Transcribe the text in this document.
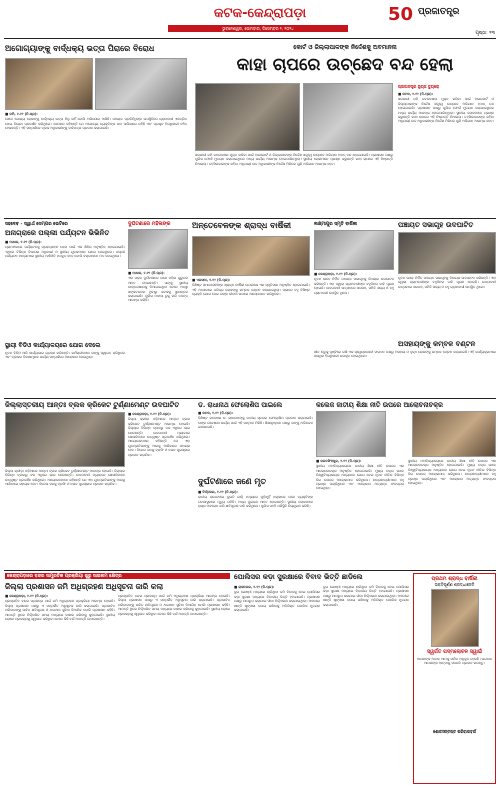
କଟକ-କେନ୍ଦ୍ରାପଡ଼ା
ଭୁବନେଶ୍ୱର, ସୋମବାର, ଡିସେମ୍ବର ୨, ୨୦୨୪
50 ପ୍ରଜାତନ୍ତ୍ର
ପୃଷ୍ଠା: ୧୩
ଅଗୋଗ୍ୟାଙ୍କୁ ବାର୍ଦ୍ଧକ୍ୟ ଭତ୍ତା ପିରାରେ ବିରୋଧ

■ ଡମି, ୧.୧୨ (ନି.ପ୍ର):

ସେତେ ଯୋଗ୍ୟ ଲୋକଙ୍କୁ ବାର୍ଦ୍ଧକ୍ୟ ଭତ୍ତା ମିଳୁ ନାହିଁ ବୋଲି ଅଭିଯୋଗ ଆସିଛି। ପଞ୍ଚାୟତ ପ୍ରତିନିଧିଙ୍କ ଉପସ୍ଥିତିରେ ଗ୍ରାମବାସୀ ଏକତ୍ରିତ ହୋଇ ବିରୋଧ ପ୍ରଦର୍ଶନ କରିଥିଲେ। ସେମାନେ କହିଛନ୍ତି ଯେ ଅଯୋଗ୍ୟ ବ୍ୟକ୍ତିଙ୍କ ନାମ ତାଲିକାରେ ରହିଛି ଏବଂ ପ୍ରକୃତ ହିତାଧିକାରୀ ବଞ୍ଚିତ ହେଉଛନ୍ତି। ଏହି ସମ୍ପର୍କରେ ବ୍ଲକ ଅଧିକାରୀଙ୍କୁ ଦାବିପତ୍ର ପ୍ରଦାନ କରାଯାଇଛି।

କୋର୍ଟ ଓ ଜିଲ୍ଲାପାଳଙ୍କ ନିର୍ଦ୍ଦେଶକୁ ଅବମାନନା
କାହା ଚାପରେ ଉଚ୍ଛେଦ ବନ୍ଦ ହେଲା
ପ୍ରଜାତନ୍ତ୍ର ନ୍ୟୁଜ ବ୍ୟୁରୋ

■ କଟକ, ୧.୧୨ (ନି.ପ୍ର):

ସରକାରୀ ଜମି ଜବରଦଖଲ ମୁକ୍ତ କରିବା ପାଇଁ ହାଇକୋର୍ଟ ଓ ଜିଲ୍ଲାପାଳଙ୍କ ନିର୍ଦ୍ଦେଶ ସତ୍ତ୍ୱେ ଉଚ୍ଛେଦ ଅଭିଯାନ ହଠାତ୍ ବନ୍ଦ ହୋଇଯାଇଛି। ପ୍ରଶାସନ ପକ୍ଷରୁ ପୁଲିସ ଫୋର୍ସ ମୁତୟନ କରାଯାଇଥିଲେ ମଧ୍ୟ କାର୍ଯ୍ୟ ଆରମ୍ଭ ହୋଇପାରିନଥିଲା। ସ୍ଥାନୀୟ ଲୋକମାନେ ପ୍ରଶ୍ନ କରୁଛନ୍ତି କାହା ଚାପରେ ଏହି ନିଷ୍ପତ୍ତି ନିଆଗଲା। ତହସିଲଦାରଙ୍କ କହିବା ଅନୁଯାୟୀ ଉଚ୍ଚ ଅଧିକାରୀଙ୍କ ନିର୍ଦ୍ଦେଶ ମିଳିଲେ ପୁଣି ଅଭିଯାନ ଆରମ୍ଭ ହେବ।

ସରକାରୀ ଜମି ଜବରଦଖଲ ମୁକ୍ତ କରିବା ପାଇଁ ହାଇକୋର୍ଟ ଓ ଜିଲ୍ଲାପାଳଙ୍କ ନିର୍ଦ୍ଦେଶ ସତ୍ତ୍ୱେ ଉଚ୍ଛେଦ ଅଭିଯାନ ହଠାତ୍ ବନ୍ଦ ହୋଇଯାଇଛି। ପ୍ରଶାସନ ପକ୍ଷରୁ ପୁଲିସ ଫୋର୍ସ ମୁତୟନ କରାଯାଇଥିଲେ ମଧ୍ୟ କାର୍ଯ୍ୟ ଆରମ୍ଭ ହୋଇପାରିନଥିଲା। ସ୍ଥାନୀୟ ଲୋକମାନେ ପ୍ରଶ୍ନ କରୁଛନ୍ତି କାହା ଚାପରେ ଏହି ନିଷ୍ପତ୍ତି ନିଆଗଲା। ତହସିଲଦାରଙ୍କ କହିବା ଅନୁଯାୟୀ ଉଚ୍ଚ ଅଧିକାରୀଙ୍କ ନିର୍ଦ୍ଦେଶ ମିଳିଲେ ପୁଣି ଅଭିଯାନ ଆରମ୍ଭ ହେବ।

ସହଦେବ - ସ୍ୱାର୍ଥ ସେମ୍ପର ଭେଟିରେ
ଅନାଗ୍ରାରେ ପଲ୍ଲୀ ପର୍ଯ୍ୟଟନ ଭିଭିନିତ

■ ମାଧାଳ, ୧.୧୨ (ନି.ପ୍ର):

ଗ୍ରାମାଞ୍ଚଳରେ ପର୍ଯ୍ୟଟନକୁ ପ୍ରୋତ୍ସାହନ ଦେବା ପାଇଁ ଏକ ଶିବିର ଅନୁଷ୍ଠିତ ହୋଇଯାଇଛି। ଏଥିରେ ବିଭିନ୍ନ ବିଭାଗର ଅଧିକାରୀ ଓ ସ୍ଥାନୀୟ ଯୁବକମାନେ ଯୋଗ ଦେଇଥିଲେ। ପଲ୍ଲୀ ପର୍ଯ୍ୟଟନ ମାଧ୍ୟମରେ ସ୍ଥାନୀୟ ଅର୍ଥନୀତି ମଜବୁତ ହେବ ବୋଲି ବକ୍ତାମାନେ ମତ ଦେଇଥିଲେ।

ସ୍ଥାୟୀ ବିଡିଓ କାର୍ଯ୍ୟାଳୟରେ ଯୋଗ ଦେଲେ
ନୂତନ ବିଡିଓ ଆଜି କାର୍ଯ୍ୟଭାର ଗ୍ରହଣ କରିଛନ୍ତି। କର୍ମଚାରୀମାନେ ତାଙ୍କୁ ସ୍ୱାଗତ କରିଥିଲେ ଏବଂ ବ୍ଲକର ବିକାଶମୂଳକ କାର୍ଯ୍ୟ ସମ୍ପର୍କରେ ଆଲୋଚନା ହୋଇଥିଲା।
ଦୁର୍ଘଟଣାରେ ମହିଳାଙ୍କ

■ ମାଧାଳ, ୧.୧୨ (ନି.ପ୍ର):

ଏକ ସଡ଼କ ଦୁର୍ଘଟଣାରେ ଜଣେ ମହିଳା ଗୁରୁତର ଆହତ ହୋଇଛନ୍ତି। ତାଙ୍କୁ ସ୍ଥାନୀୟ ଡାକ୍ତରଖାନାକୁ ନିଆଯାଇଥିବା ବେଳେ ଅବସ୍ଥା ସଙ୍କଟଜନକ ଥିବାରୁ କଟକକୁ ସ୍ଥାନାନ୍ତର କରାଯାଇଛି। ପୁଲିସ ମାମଲା ରୁଜୁ କରି ତଦନ୍ତ ଆରମ୍ଭ କରିଛି।

ଅନ୍ତେବେଳଙ୍କ ଶ୍ରାଦ୍ଧ ବାର୍ଷିକୀ

■ ଏରସମା, ୧.୧୨ (ନି.ପ୍ର):

ବିଶିଷ୍ଟ ସମାଜସେବୀଙ୍କ ଶ୍ରାଦ୍ଧ ବାର୍ଷିକୀ ଉପଲକ୍ଷେ ଏକ ସ୍ମୃତିସଭା ଅନୁଷ୍ଠିତ ହୋଇଯାଇଛି। ଏହି ଅବସରରେ ଦରିଦ୍ର ଲୋକଙ୍କୁ କମ୍ବଳ ବଣ୍ଟନ କରାଯାଇଥିଲା। ସଭାରେ ବହୁ ବିଶିଷ୍ଟ ବ୍ୟକ୍ତି ଯୋଗ ଦେଇ ତାଙ୍କ ଜୀବନୀ ଉପରେ ଆଲୋକପାତ କରିଥିଲେ।

ଲକ୍ଷ୍ମୀପୁର ସ୍ମୃତି ବାର୍ଷିକୀ	ପଞ୍ଚାୟତ ସଭାଗୃହ ଉଦଘାଟିତ

■ କେନ୍ଦ୍ରାପଡ଼ା, ୧.୧୨ (ନି.ପ୍ର):

ନୂତନ ଭାବେ ନିର୍ମିତ ପଞ୍ଚାୟତ ସଭାଗୃହକୁ ବିଧାୟକ ଉଦଘାଟନ କରିଛନ୍ତି। ଏହା ଦ୍ୱାରା ଗ୍ରାମବାସୀଙ୍କ ବହୁଦିନର ଦାବି ପୂରଣ ହୋଇଛି। ଉଦଘାଟନୀ ଉତ୍ସବରେ ସରପଞ୍ଚ, ସମିତି ସଭ୍ୟ ଓ ବହୁ ଗ୍ରାମବାସୀ ଉପସ୍ଥିତ ଥିଲେ।

ନୂତନ ଭାବେ ନିର୍ମିତ ପଞ୍ଚାୟତ ସଭାଗୃହକୁ ବିଧାୟକ ଉଦଘାଟନ କରିଛନ୍ତି। ଏହା ଦ୍ୱାରା ଗ୍ରାମବାସୀଙ୍କ ବହୁଦିନର ଦାବି ପୂରଣ ହୋଇଛି। ଉଦଘାଟନୀ ଉତ୍ସବରେ ସରପଞ୍ଚ, ସମିତି ସଭ୍ୟ ଓ ବହୁ ଗ୍ରାମବାସୀ ଉପସ୍ଥିତ ଥିଲେ।
ଅସହାୟଙ୍କୁ କମ୍ବଳ ବଣ୍ଟନ
ଶୀତ ଋତୁକୁ ଦୃଷ୍ଟିରେ ରଖି ଏକ ସ୍ୱେଚ୍ଛାସେବୀ ସଂଗଠନ ପକ୍ଷରୁ ଅସହାୟ ଓ ବୃଦ୍ଧ ଲୋକଙ୍କୁ କମ୍ବଳ ବଣ୍ଟନ କରାଯାଇଛି। ଏହି କାର୍ଯ୍ୟକ୍ରମରେ ଶତାଧିକ ହିତାଧିକାରୀ ଉପକୃତ ହୋଇଥିଲେ।
ଜିଲ୍ଲାସ୍ତରୀୟ ଆନ୍ତଃ ବ୍ଲକ କ୍ରିକେଟ ଟୁର୍ଣ୍ଣାମେଣ୍ଟ ଉଦଘାଟିତ

■ କେନ୍ଦ୍ରାପଡ଼ା, ୧.୧୨ (ନି.ପ୍ର):

ଜିଲ୍ଲା କ୍ରୀଡ଼ା ପଡ଼ିଆରେ ଆନ୍ତଃ ବ୍ଲକ କ୍ରିକେଟ ଟୁର୍ଣ୍ଣାମେଣ୍ଟ ଆରମ୍ଭ ହୋଇଛି। ଜିଲ୍ଲାର ବିଭିନ୍ନ ବ୍ଲକରୁ ଦଳ ଏଥିରେ ଭାଗ ନେଉଛନ୍ତି। ଉଦଘାଟନୀ ମ୍ୟାଚରେ ଖେଳାଳିମାନେ ଉତ୍କୃଷ୍ଟ ପ୍ରଦର୍ଶନ କରିଥିଲେ। ଆୟୋଜକମାନେ କହିଛନ୍ତି ଯେ ଏହା ଯୁବପ୍ରତିଭାଙ୍କୁ ଆଗକୁ ଆଣିବାରେ ସହାୟକ ହେବ। ବିଜେତା ଦଳକୁ ଟ୍ରଫି ଓ ନଗଦ ପୁରସ୍କାର ପ୍ରଦାନ କରାଯିବ।

ଜିଲ୍ଲା କ୍ରୀଡ଼ା ପଡ଼ିଆରେ ଆନ୍ତଃ ବ୍ଲକ କ୍ରିକେଟ ଟୁର୍ଣ୍ଣାମେଣ୍ଟ ଆରମ୍ଭ ହୋଇଛି। ଜିଲ୍ଲାର ବିଭିନ୍ନ ବ୍ଲକରୁ ଦଳ ଏଥିରେ ଭାଗ ନେଉଛନ୍ତି। ଉଦଘାଟନୀ ମ୍ୟାଚରେ ଖେଳାଳିମାନେ ଉତ୍କୃଷ୍ଟ ପ୍ରଦର୍ଶନ କରିଥିଲେ। ଆୟୋଜକମାନେ କହିଛନ୍ତି ଯେ ଏହା ଯୁବପ୍ରତିଭାଙ୍କୁ ଆଗକୁ ଆଣିବାରେ ସହାୟକ ହେବ। ବିଜେତା ଦଳକୁ ଟ୍ରଫି ଓ ନଗଦ ପୁରସ୍କାର ପ୍ରଦାନ କରାଯିବ।
ଡ. ରାଧାନାଥ ଫେଲୋଶିପ ପାଇଲେ

■ କଟକ, ୧.୧୨ (ନି.ପ୍ର):

ବିଶିଷ୍ଟ ଗବେଷକ ଡ. ରାଧାନାଥଙ୍କୁ ଜାତୀୟ ସ୍ତରର ଫେଲୋଶିପ ପ୍ରଦାନ କରାଯାଇଛି। ତାଙ୍କ ଗବେଷଣା କାର୍ଯ୍ୟ ପାଇଁ ଏହି ସମ୍ମାନ ମିଳିଛି। ଶିକ୍ଷାନୁଷ୍ଠାନ ପକ୍ଷରୁ ତାଙ୍କୁ ଅଭିନନ୍ଦନ ଜଣାଯାଇଛି।

ଦୁର୍ଘଟଣାରେ ଜଣେ ମୃତ

■ ତିର୍ତ୍ତୋଲ, ୧.୧୨ (ନି.ପ୍ର):

ଜାତୀୟ ରାଜପଥରେ ଦୁଇଟି ଗାଡ଼ି ମଧ୍ୟରେ ମୁହାଁମୁହିଁ ଧକ୍କାରେ ଜଣେ ବ୍ୟକ୍ତିଙ୍କ ଘଟଣାସ୍ଥଳରେ ମୃତ୍ୟୁ ଘଟିଛି। ଅନ୍ୟ ଦୁଇଜଣ ଆହତ ହୋଇଛନ୍ତି। ସ୍ଥାନୀୟ ଲୋକମାନେ ରାସ୍ତା ଅବରୋଧ କରି କ୍ଷତିପୂରଣ ଦାବି କରିଥିଲେ। ପୁଲିସ ପହଞ୍ଚି ପରିସ୍ଥିତି ନିୟନ୍ତ୍ରଣ କରିଛି।

କଲେଜ ଜାତୀୟ ଶିକ୍ଷା ନୀତି ଉପରେ ଆଲୋଚନାଚକ୍ର

■ ଜଗତସିଂହପୁର, ୧.୧୨ (ନି.ପ୍ର):

ସ୍ଥାନୀୟ ମହାବିଦ୍ୟାଳୟରେ ଜାତୀୟ ଶିକ୍ଷା ନୀତି ଉପରେ ଏକ ଆଲୋଚନାଚକ୍ର ଅନୁଷ୍ଠିତ ହୋଇଯାଇଛି। ମୁଖ୍ୟ ବକ୍ତା ଭାବେ ବିଶ୍ୱବିଦ୍ୟାଳୟର ଅଧ୍ୟାପକ ଯୋଗ ଦେଇ ନୂତନ ନୀତିର ବିଭିନ୍ନ ଦିଗ ଉପରେ ଆଲୋକପାତ କରିଥିଲେ। ଛାତ୍ରଛାତ୍ରୀମାନେ ବହୁ ପ୍ରଶ୍ନ ପଚାରିଥିଲେ ଏବଂ ଆଲୋଚନା ଅତ୍ୟନ୍ତ ଫଳପ୍ରଦ ହୋଇଥିଲା।

ସ୍ଥାନୀୟ ମହାବିଦ୍ୟାଳୟରେ ଜାତୀୟ ଶିକ୍ଷା ନୀତି ଉପରେ ଏକ ଆଲୋଚନାଚକ୍ର ଅନୁଷ୍ଠିତ ହୋଇଯାଇଛି। ମୁଖ୍ୟ ବକ୍ତା ଭାବେ ବିଶ୍ୱବିଦ୍ୟାଳୟର ଅଧ୍ୟାପକ ଯୋଗ ଦେଇ ନୂତନ ନୀତିର ବିଭିନ୍ନ ଦିଗ ଉପରେ ଆଲୋକପାତ କରିଥିଲେ। ଛାତ୍ରଛାତ୍ରୀମାନେ ବହୁ ପ୍ରଶ୍ନ ପଚାରିଥିଲେ ଏବଂ ଆଲୋଚନା ଅତ୍ୟନ୍ତ ଫଳପ୍ରଦ ହୋଇଥିଲା।
କେନ୍ଦ୍ରାପଡ଼ାରେ ବନ୍ଦର ସାମ୍ପ୍ରତିକ ପ୍ରକ୍ରିୟା ଶୁରୁ ସାଇନାମ କ୍ଷେତ୍ର
ଜିଲ୍ଲା ପ୍ରଶାସନ ଜମି ଅଧିଗ୍ରହଣ ଅଧିସୂଚନା ଜାରି କଲା

■ କେନ୍ଦ୍ରାପଡ଼ା, ୧.୧୨ (ନି.ପ୍ର):

ପ୍ରସ୍ତାବିତ ବନ୍ଦର ପ୍ରକଳ୍ପ ପାଇଁ ଜମି ଅଧିଗ୍ରହଣ ପ୍ରକ୍ରିୟା ଆରମ୍ଭ ହୋଇଛି। ଜିଲ୍ଲା ପ୍ରଶାସନ ପକ୍ଷରୁ ଏ ସମ୍ପର୍କିତ ଅଧିସୂଚନା ଜାରି କରାଯାଇଛି। ପ୍ରଭାବିତ ପରିବାରଙ୍କୁ ଉଚିତ କ୍ଷତିପୂରଣ ଓ ଥଇଥାନ ସୁବିଧା ଦିଆଯିବ ବୋଲି ପ୍ରଶାସନ କହିଛି। ଆପତ୍ତି ଥିଲେ ନିର୍ଦ୍ଧାରିତ ସମୟ ମଧ୍ୟରେ ଦାଖଲ କରିବାକୁ କୁହାଯାଇଛି। ସ୍ଥାନୀୟ ଲୋକେ ପ୍ରକଳ୍ପକୁ ସ୍ୱାଗତ କରିଥିବା ବେଳେ କିଛି ବର୍ଗ ଆପତ୍ତି ଉଠାଇଛନ୍ତି।

ପ୍ରସ୍ତାବିତ ବନ୍ଦର ପ୍ରକଳ୍ପ ପାଇଁ ଜମି ଅଧିଗ୍ରହଣ ପ୍ରକ୍ରିୟା ଆରମ୍ଭ ହୋଇଛି। ଜିଲ୍ଲା ପ୍ରଶାସନ ପକ୍ଷରୁ ଏ ସମ୍ପର୍କିତ ଅଧିସୂଚନା ଜାରି କରାଯାଇଛି। ପ୍ରଭାବିତ ପରିବାରଙ୍କୁ ଉଚିତ କ୍ଷତିପୂରଣ ଓ ଥଇଥାନ ସୁବିଧା ଦିଆଯିବ ବୋଲି ପ୍ରଶାସନ କହିଛି। ଆପତ୍ତି ଥିଲେ ନିର୍ଦ୍ଧାରିତ ସମୟ ମଧ୍ୟରେ ଦାଖଲ କରିବାକୁ କୁହାଯାଇଛି। ସ୍ଥାନୀୟ ଲୋକେ ପ୍ରକଳ୍ପକୁ ସ୍ୱାଗତ କରିଥିବା ବେଳେ କିଛି ବର୍ଗ ଆପତ୍ତି ଉଠାଇଛନ୍ତି।
ପୋଲିସର କଡ଼ା ସୁରକ୍ଷାରେ ବିବାଦ ଭିତ୍ତି ଛାଡିଲେ

■ ରାଜନଗର, ୧.୧୨ (ନି.ପ୍ର):

ଦୁଇ ଗୋଷ୍ଠୀ ମଧ୍ୟରେ ଚାଲିଥିବା ଜମି ବିବାଦକୁ ନେଇ ପୋଲିସର କଡ଼ା ସୁରକ୍ଷା ମଧ୍ୟରେ ବିବାଦୀୟ ଭିତ୍ତି ହଟାଯାଇଛି। ପ୍ରଶାସନ ପକ୍ଷରୁ ମାପଚୁପ କରାଯାଇ ସୀମା ନିର୍ଦ୍ଧାରଣ କରାଯାଇଥିଲା। ଅଞ୍ଚଳରେ ଶାନ୍ତି ଶୃଙ୍ଖଳା ବଜାୟ ରଖିବାକୁ ଅତିରିକ୍ତ ପୋଲିସ ମୁତୟନ କରାଯାଇଛି।

ଦୁଇ ଗୋଷ୍ଠୀ ମଧ୍ୟରେ ଚାଲିଥିବା ଜମି ବିବାଦକୁ ନେଇ ପୋଲିସର କଡ଼ା ସୁରକ୍ଷା ମଧ୍ୟରେ ବିବାଦୀୟ ଭିତ୍ତି ହଟାଯାଇଛି। ପ୍ରଶାସନ ପକ୍ଷରୁ ମାପଚୁପ କରାଯାଇ ସୀମା ନିର୍ଦ୍ଧାରଣ କରାଯାଇଥିଲା। ଅଞ୍ଚଳରେ ଶାନ୍ତି ଶୃଙ୍ଖଳା ବଜାୟ ରଖିବାକୁ ଅତିରିକ୍ତ ପୋଲିସ ମୁତୟନ କରାଯାଇଛି।
ପ୍ରଥମ ଶ୍ରାଦ୍ଧ ବାର୍ଷିକୀ
ଭକ୍ତିପୂର୍ଣ୍ଣ ଶ୍ରଦ୍ଧାଞ୍ଜଳି
ସ୍ୱର୍ଗତ ପଦ୍ମଲୋଚନ ସ୍ୱାଇଁ
ଆପଣଙ୍କ ଅଭାବ ଆମକୁ ସର୍ବଦା ଅନୁଭୂତ ହେଉଛି। ଭଗବାନ ଆପଣଙ୍କ ଆତ୍ମାକୁ ସଦଗତି ପ୍ରଦାନ କରନ୍ତୁ।
ଶୋକସନ୍ତପ୍ତ ପରିବାରବର୍ଗ
